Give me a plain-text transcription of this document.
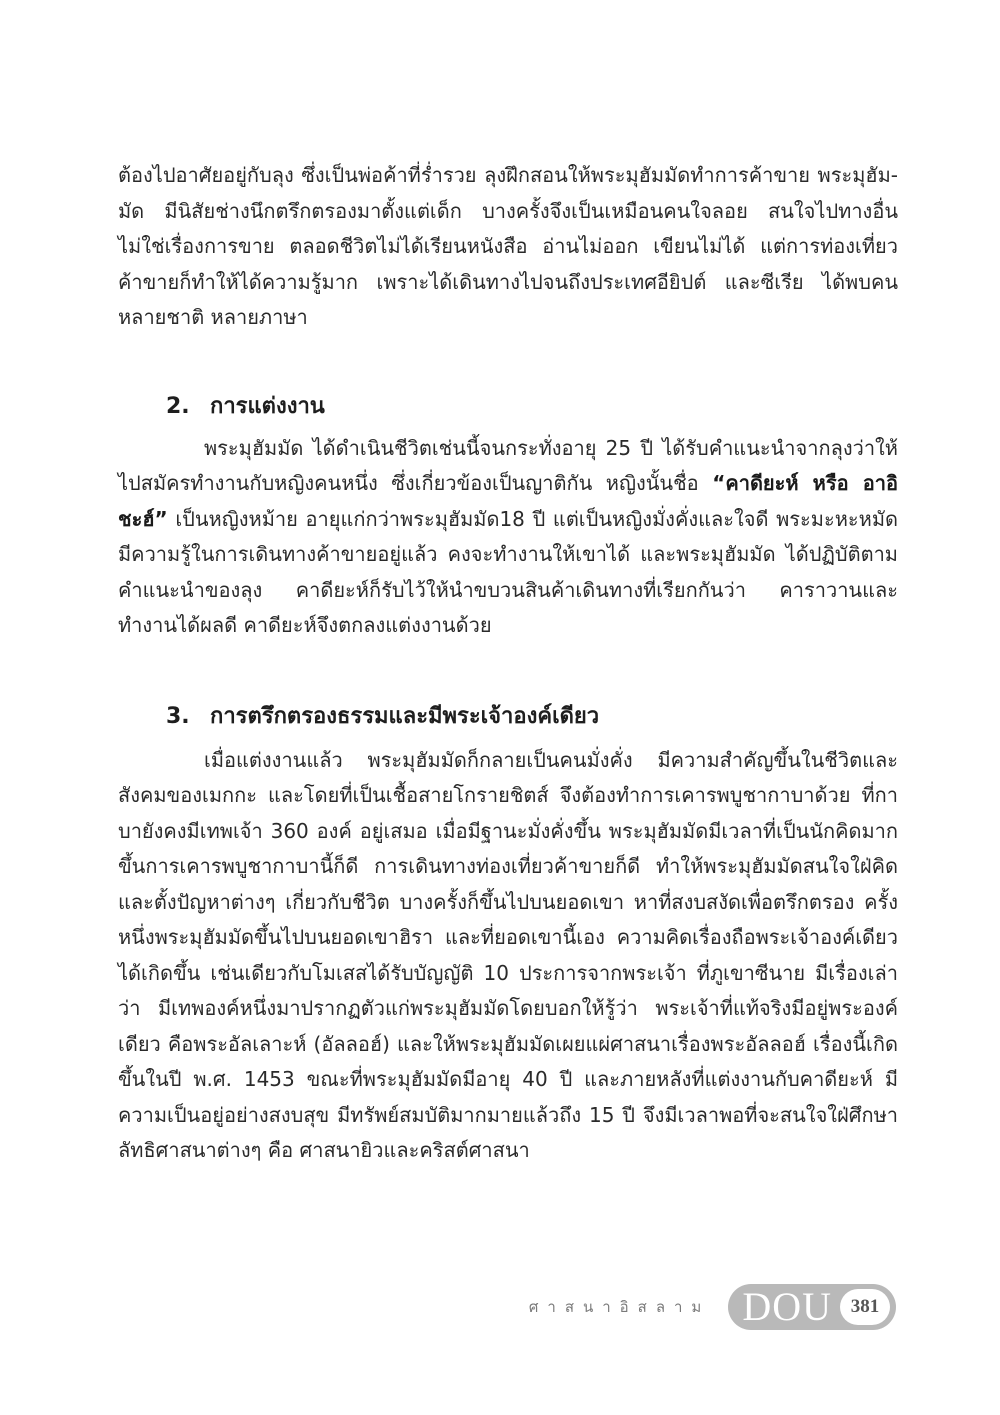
ต้องไปอาศัยอยู่กับลุง ซึ่งเป็นพ่อค้าที่ร่ำรวย ลุงฝึกสอนให้พระมุฮัมมัดทำการค้าขาย พระมุฮัม-มัด มีนิสัยช่างนึกตรึกตรองมาตั้งแต่เด็ก บางครั้งจึงเป็นเหมือนคนใจลอย สนใจไปทางอื่น ไม่ใช่เรื่องการขาย ตลอดชีวิตไม่ได้เรียนหนังสือ อ่านไม่ออก เขียนไม่ได้ แต่การท่องเที่ยวค้าขายก็ทำให้ได้ความรู้มาก เพราะได้เดินทางไปจนถึงประเทศอียิปต์ และซีเรีย ได้พบคนหลายชาติ หลายภาษา

2. การแต่งงาน

พระมุฮัมมัด ได้ดำเนินชีวิตเช่นนี้จนกระทั่งอายุ 25 ปี ได้รับคำแนะนำจากลุงว่าให้ไปสมัครทำงานกับหญิงคนหนึ่ง ซึ่งเกี่ยวข้องเป็นญาติกัน หญิงนั้นชื่อ “คาดียะห์ หรือ อาอิชะฮ์” เป็นหญิงหม้าย อายุแก่กว่าพระมุฮัมมัด18 ปี แต่เป็นหญิงมั่งคั่งและใจดี พระมะหะหมัดมีความรู้ในการเดินทางค้าขายอยู่แล้ว คงจะทำงานให้เขาได้ และพระมุฮัมมัด ได้ปฏิบัติตามคำแนะนำของลุง คาดียะห์ก็รับไว้ให้นำขบวนสินค้าเดินทางที่เรียกกันว่า คาราวานและทำงานได้ผลดี คาดียะห์จึงตกลงแต่งงานด้วย

3. การตรึกตรองธรรมและมีพระเจ้าองค์เดียว

เมื่อแต่งงานแล้ว พระมุฮัมมัดก็กลายเป็นคนมั่งคั่ง มีความสำคัญขึ้นในชีวิตและสังคมของเมกกะ และโดยที่เป็นเชื้อสายโกรายชิตส์ จึงต้องทำการเคารพบูชากาบาด้วย ที่กาบายังคงมีเทพเจ้า 360 องค์ อยู่เสมอ เมื่อมีฐานะมั่งคั่งขึ้น พระมุฮัมมัดมีเวลาที่เป็นนักคิดมากขึ้นการเคารพบูชากาบานี้ก็ดี การเดินทางท่องเที่ยวค้าขายก็ดี ทำให้พระมุฮัมมัดสนใจใฝ่คิดและตั้งปัญหาต่างๆ เกี่ยวกับชีวิต บางครั้งก็ขึ้นไปบนยอดเขา หาที่สงบสงัดเพื่อตรึกตรอง ครั้งหนึ่งพระมุฮัมมัดขึ้นไปบนยอดเขาฮิรา และที่ยอดเขานี้เอง ความคิดเรื่องถือพระเจ้าองค์เดียวได้เกิดขึ้น เช่นเดียวกับโมเสสได้รับบัญญัติ 10 ประการจากพระเจ้า ที่ภูเขาซีนาย มีเรื่องเล่าว่า มีเทพองค์หนึ่งมาปรากฏตัวแก่พระมุฮัมมัดโดยบอกให้รู้ว่า พระเจ้าที่แท้จริงมีอยู่พระองค์เดียว คือพระอัลเลาะห์ (อัลลอฮ์) และให้พระมุฮัมมัดเผยแผ่ศาสนาเรื่องพระอัลลอฮ์ เรื่องนี้เกิดขึ้นในปี พ.ศ. 1453 ขณะที่พระมุฮัมมัดมีอายุ 40 ปี และภายหลังที่แต่งงานกับคาดียะห์ มีความเป็นอยู่อย่างสงบสุข มีทรัพย์สมบัติมากมายแล้วถึง 15 ปี จึงมีเวลาพอที่จะสนใจใฝ่ศึกษาลัทธิศาสนาต่างๆ คือ ศาสนายิวและคริสต์ศาสนา

ศาสนาอิสลาม DOU 381
